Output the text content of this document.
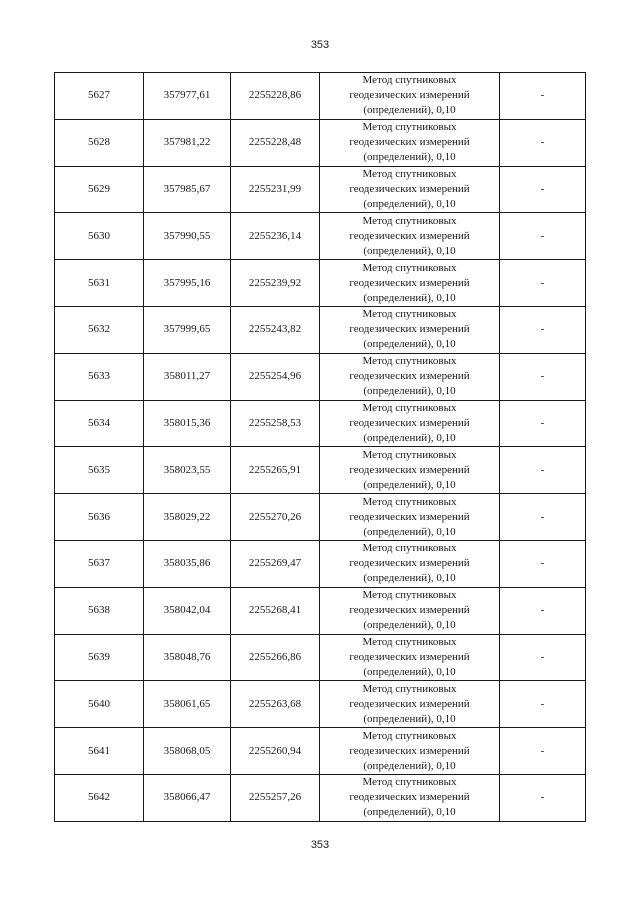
353
5627	357977,61	2255228,86	Метод спутниковых
геодезических измерений
(определений), 0,10	-
5628	357981,22	2255228,48	Метод спутниковых
геодезических измерений
(определений), 0,10	-
5629	357985,67	2255231,99	Метод спутниковых
геодезических измерений
(определений), 0,10	-
5630	357990,55	2255236,14	Метод спутниковых
геодезических измерений
(определений), 0,10	-
5631	357995,16	2255239,92	Метод спутниковых
геодезических измерений
(определений), 0,10	-
5632	357999,65	2255243,82	Метод спутниковых
геодезических измерений
(определений), 0,10	-
5633	358011,27	2255254,96	Метод спутниковых
геодезических измерений
(определений), 0,10	-
5634	358015,36	2255258,53	Метод спутниковых
геодезических измерений
(определений), 0,10	-
5635	358023,55	2255265,91	Метод спутниковых
геодезических измерений
(определений), 0,10	-
5636	358029,22	2255270,26	Метод спутниковых
геодезических измерений
(определений), 0,10	-
5637	358035,86	2255269,47	Метод спутниковых
геодезических измерений
(определений), 0,10	-
5638	358042,04	2255268,41	Метод спутниковых
геодезических измерений
(определений), 0,10	-
5639	358048,76	2255266,86	Метод спутниковых
геодезических измерений
(определений), 0,10	-
5640	358061,65	2255263,68	Метод спутниковых
геодезических измерений
(определений), 0,10	-
5641	358068,05	2255260,94	Метод спутниковых
геодезических измерений
(определений), 0,10	-
5642	358066,47	2255257,26	Метод спутниковых
геодезических измерений
(определений), 0,10	-
353
